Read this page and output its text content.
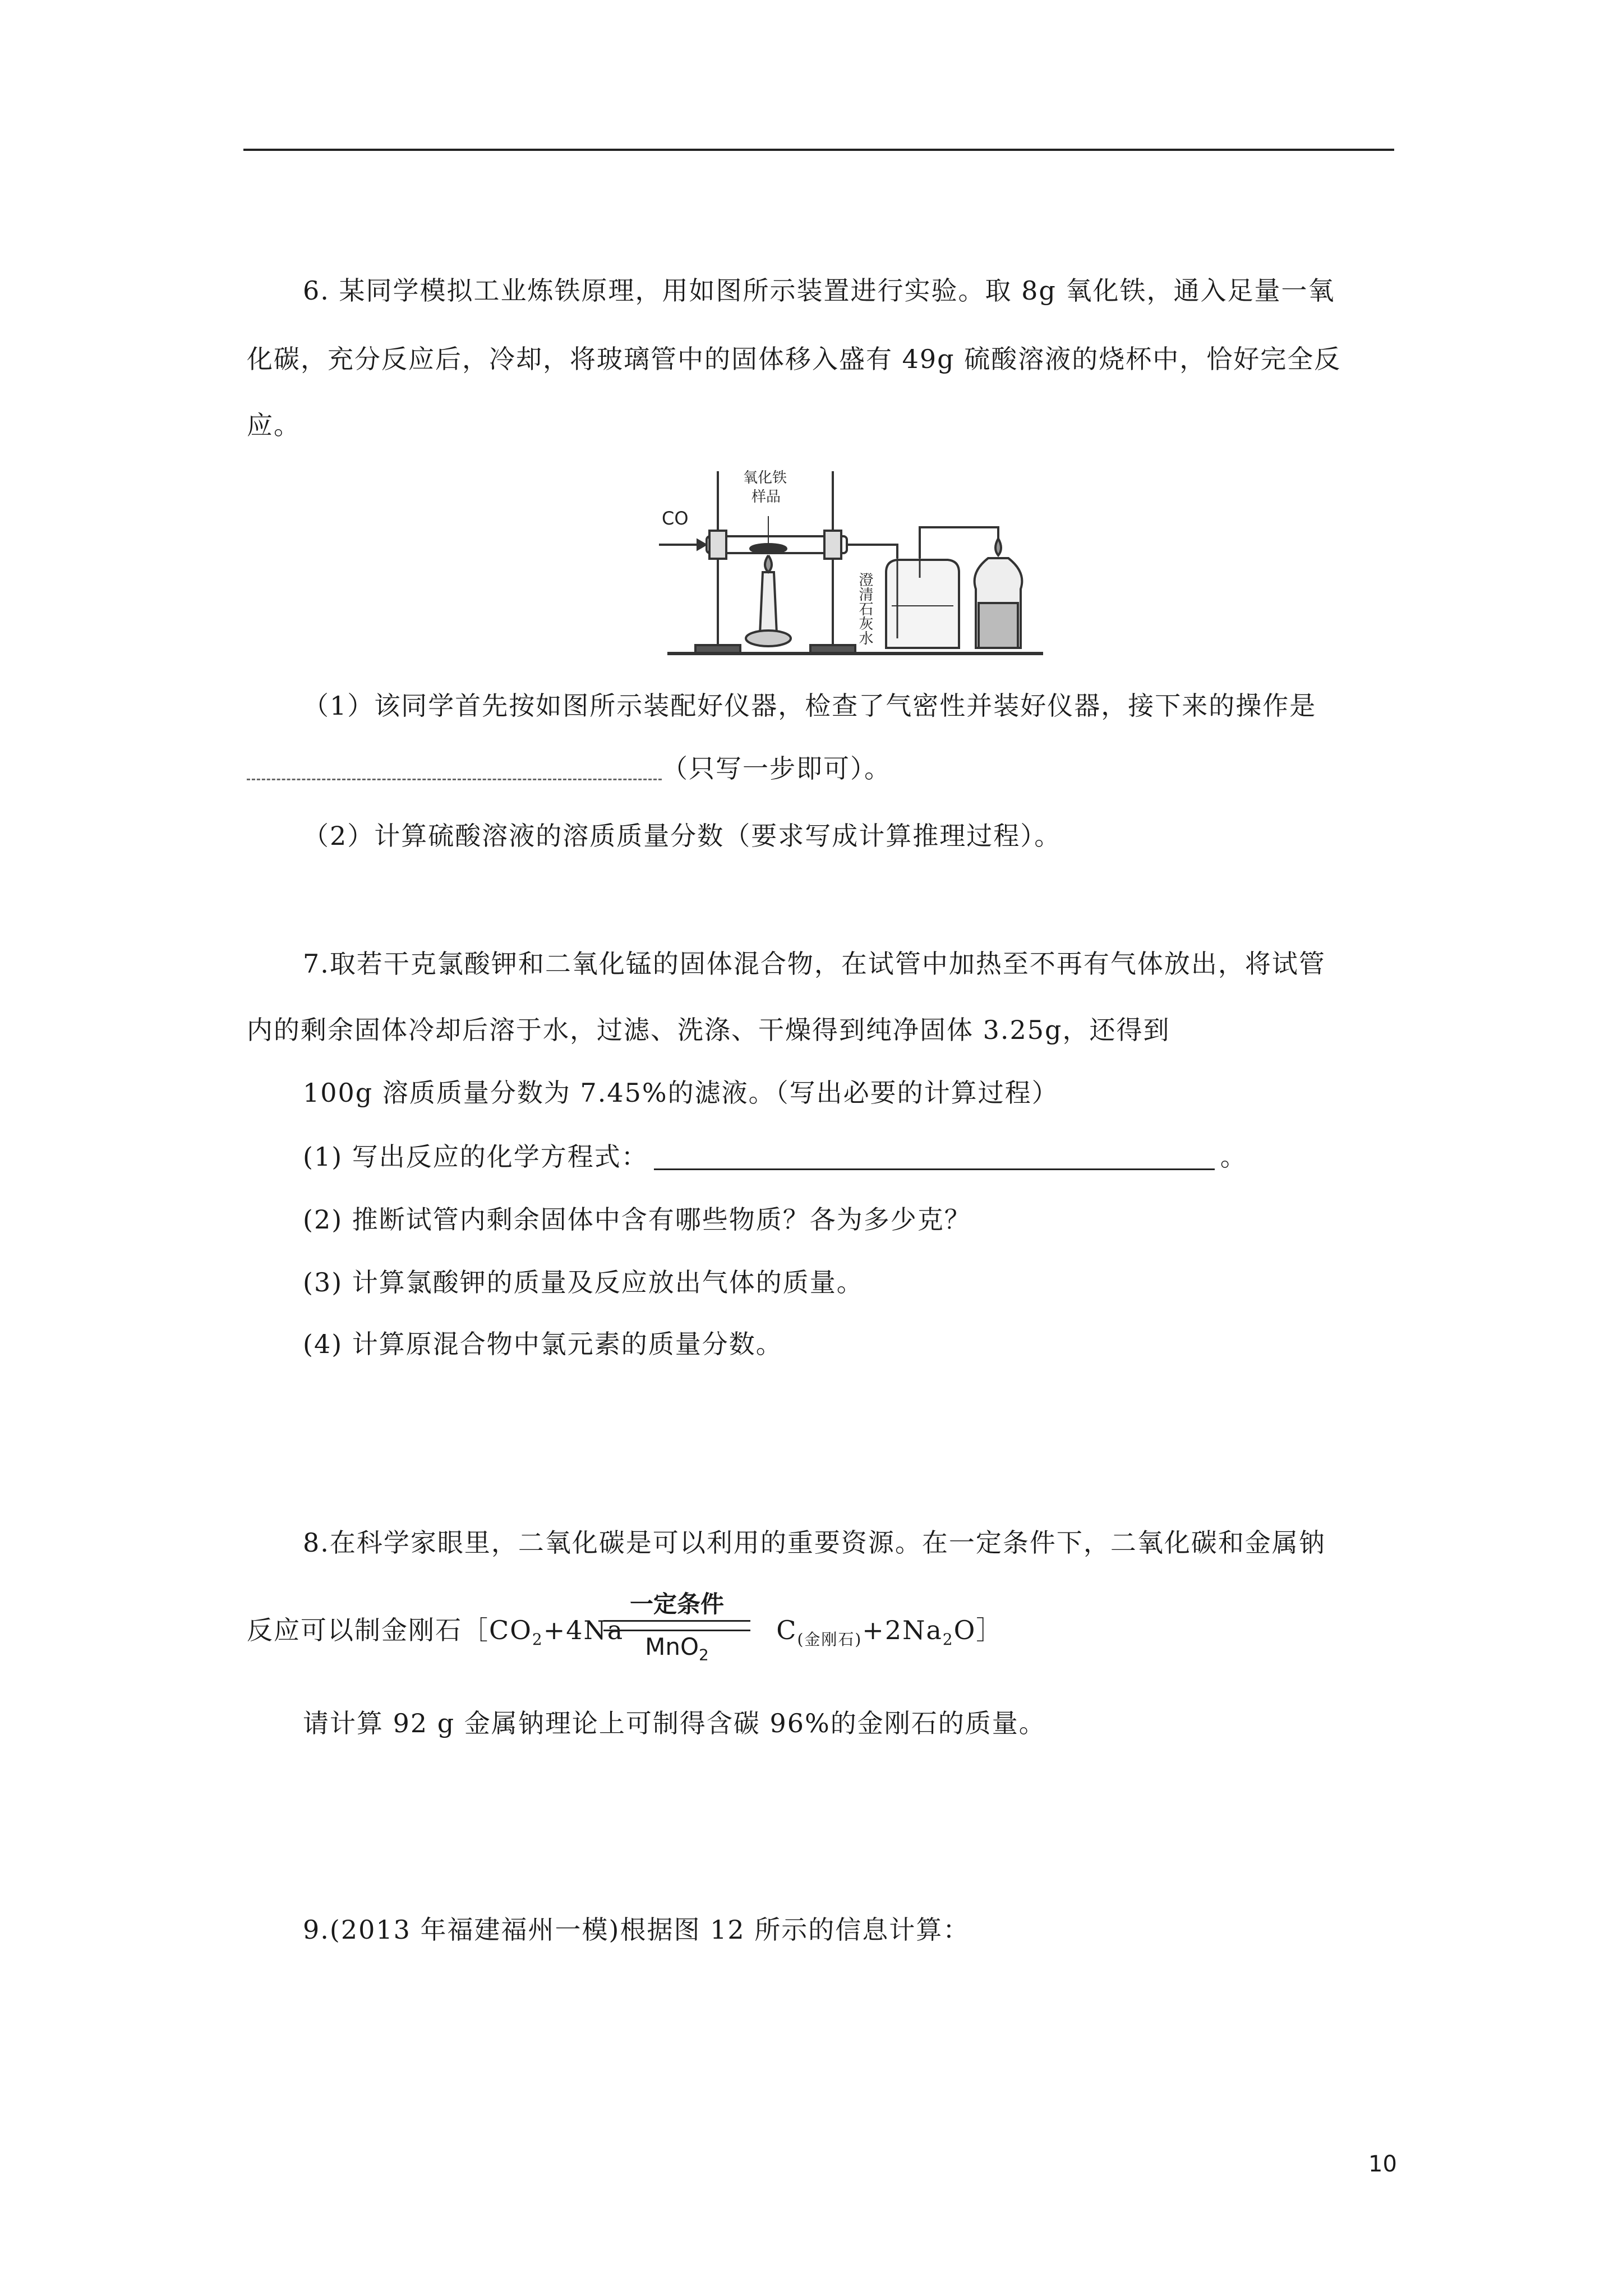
6. 某同学模拟工业炼铁原理，用如图所示装置进行实验。取 8g 氧化铁，通入足量一氧
化碳，充分反应后，冷却，将玻璃管中的固体移入盛有 49g 硫酸溶液的烧杯中，恰好完全反
应。
CO
氧化铁
样品
澄清石灰水
（1）该同学首先按如图所示装配好仪器，检查了气密性并装好仪器，接下来的操作是
（只写一步即可）。
（2）计算硫酸溶液的溶质质量分数（要求写成计算推理过程）。
7.取若干克氯酸钾和二氧化锰的固体混合物，在试管中加热至不再有气体放出，将试管
内的剩余固体冷却后溶于水，过滤、洗涤、干燥得到纯净固体 3.25g，还得到
100g 溶质质量分数为 7.45%的滤液。（写出必要的计算过程）
(1) 写出反应的化学方程式：	。
(2) 推断试管内剩余固体中含有哪些物质？各为多少克？
(3) 计算氯酸钾的质量及反应放出气体的质量。
(4) 计算原混合物中氯元素的质量分数。
8.在科学家眼里，二氧化碳是可以利用的重要资源。在一定条件下，二氧化碳和金属钠
反应可以制金刚石$[CO_2+4Na$	$C_{(金刚石)}+2Na_2O]$
一定条件
MnO$_2$
请计算 92 g 金属钠理论上可制得含碳 96%的金刚石的质量。
9.(2013 年福建福州一模)根据图 12 所示的信息计算：
10
